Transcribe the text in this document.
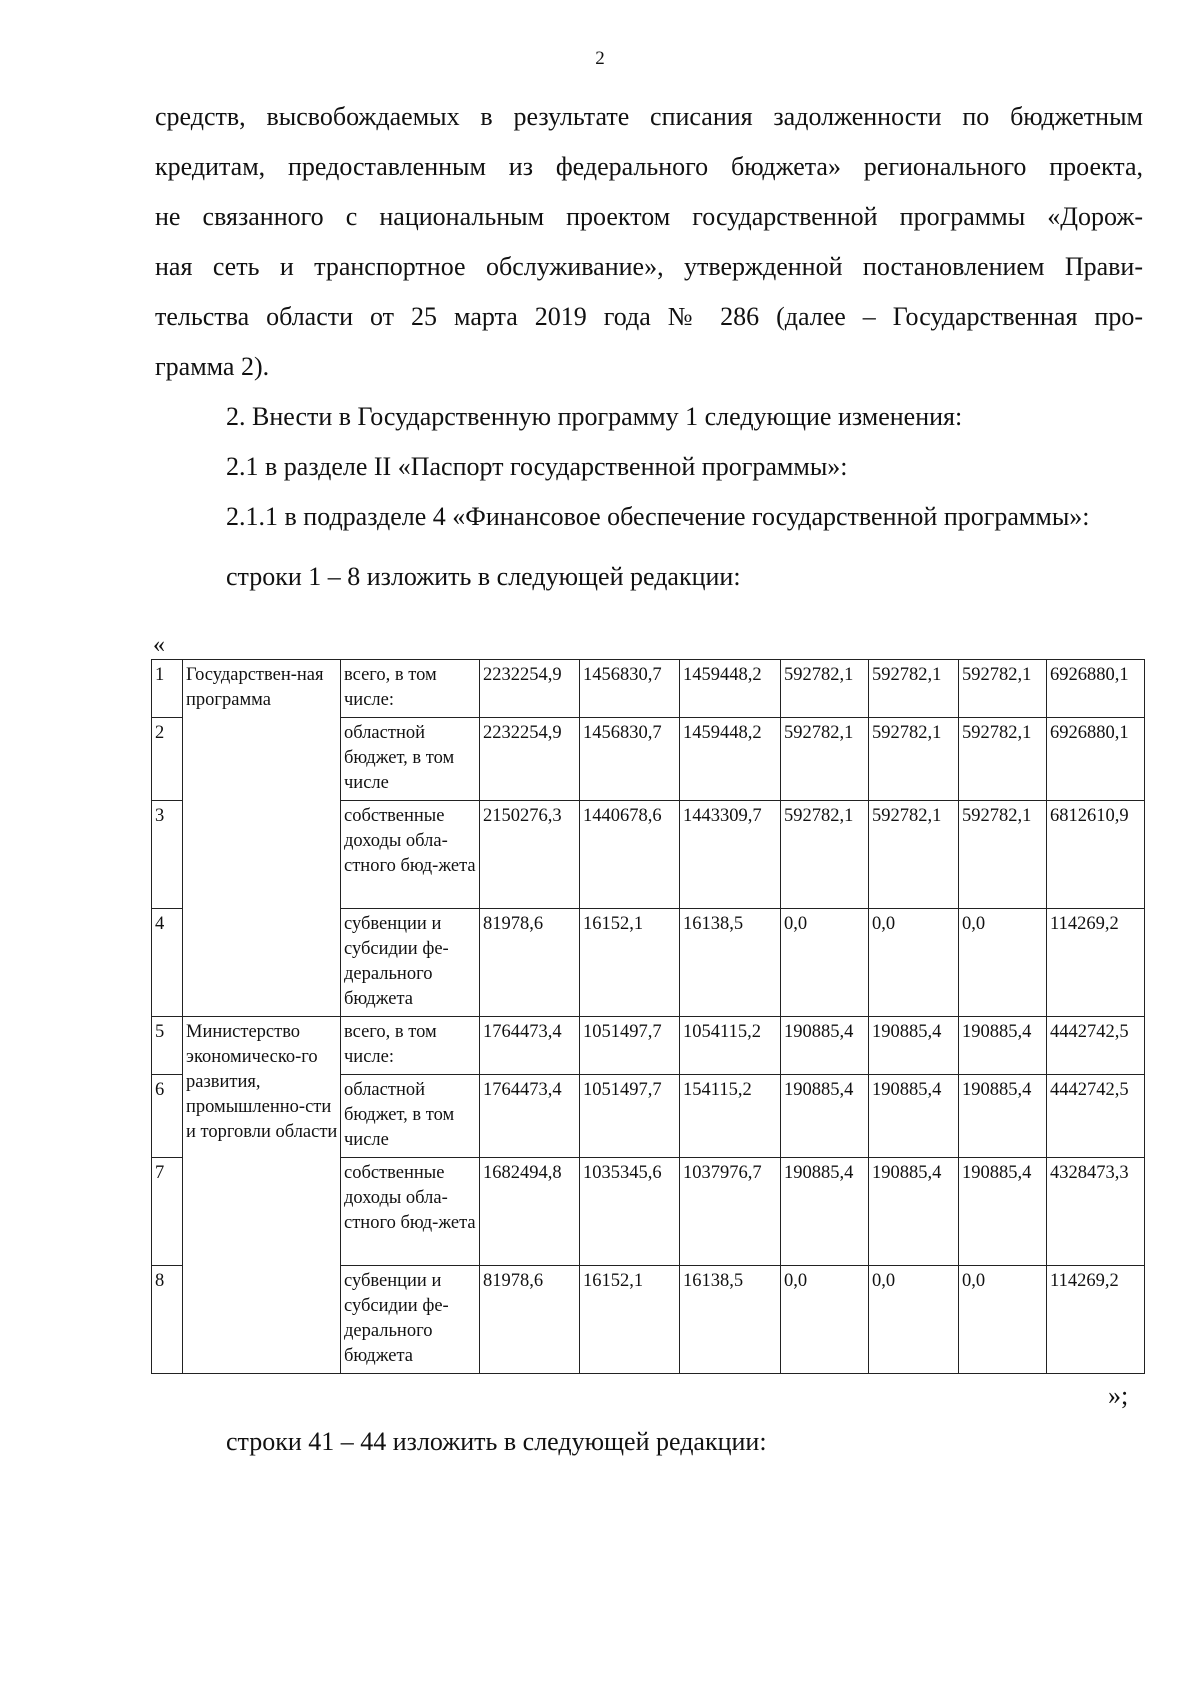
2

средств, высвобождаемых в результате списания задолженности по бюджетным
кредитам, предоставленным из федерального бюджета» регионального проекта,
не связанного с национальным проектом государственной программы «Дорож-
ная сеть и транспортное обслуживание», утвержденной постановлением Прави-
тельства области от 25 марта 2019 года № 286 (далее – Государственная про-
грамма 2).

2. Внести в Государственную программу 1 следующие изменения:

2.1 в разделе II «Паспорт государственной программы»:

2.1.1 в подразделе 4 «Финансовое обеспечение государственной программы»:

строки 1 – 8 изложить в следующей редакции:

«
1	Государствен-ная программа	всего, в том числе:	2232254,9	1456830,7	1459448,2	592782,1	592782,1	592782,1	6926880,1
2		областной бюджет, в том числе	2232254,9	1456830,7	1459448,2	592782,1	592782,1	592782,1	6926880,1
3		собственные доходы обла-стного бюд-жета	2150276,3	1440678,6	1443309,7	592782,1	592782,1	592782,1	6812610,9
4		субвенции и субсидии фе-дерального бюджета	81978,6	16152,1	16138,5	0,0	0,0	0,0	114269,2
5	Министерство экономическо-го развития, промышленно-сти и торговли области	всего, в том числе:	1764473,4	1051497,7	1054115,2	190885,4	190885,4	190885,4	4442742,5
6		областной бюджет, в том числе	1764473,4	1051497,7	154115,2	190885,4	190885,4	190885,4	4442742,5
7		собственные доходы обла-стного бюд-жета	1682494,8	1035345,6	1037976,7	190885,4	190885,4	190885,4	4328473,3
8		субвенции и субсидии фе-дерального бюджета	81978,6	16152,1	16138,5	0,0	0,0	0,0	114269,2
»;
строки 41 – 44 изложить в следующей редакции:
